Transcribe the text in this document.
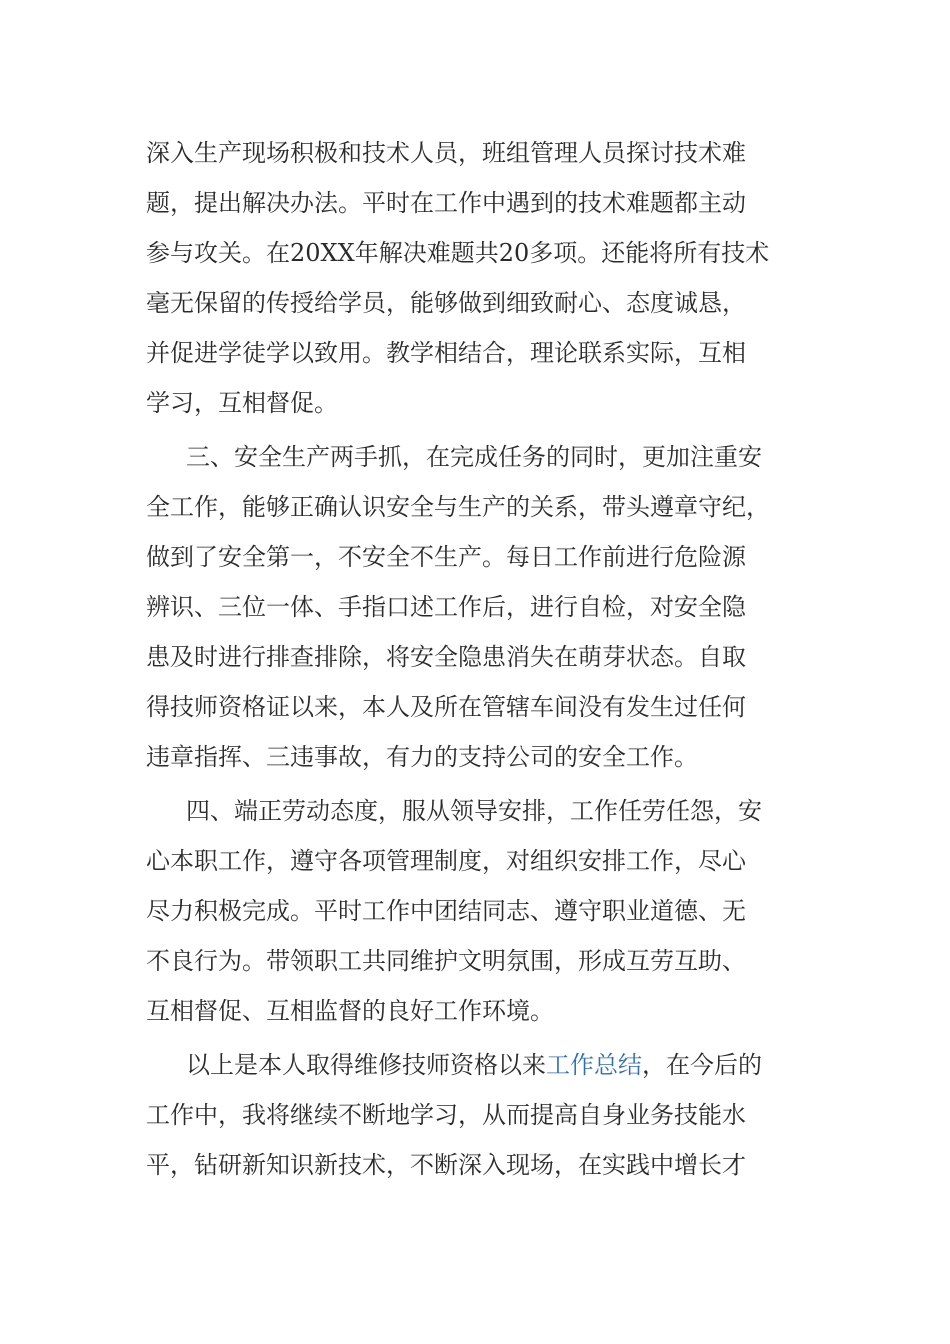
深入生产现场积极和技术人员，班组管理人员探讨技术难
题，提出解决办法。平时在工作中遇到的技术难题都主动
参与攻关。在20XX年解决难题共20多项。还能将所有技术
毫无保留的传授给学员，能够做到细致耐心、态度诚恳，
并促进学徒学以致用。教学相结合，理论联系实际，互相
学习，互相督促。
三、安全生产两手抓，在完成任务的同时，更加注重安
全工作，能够正确认识安全与生产的关系，带头遵章守纪，
做到了安全第一，不安全不生产。每日工作前进行危险源
辨识、三位一体、手指口述工作后，进行自检，对安全隐
患及时进行排查排除，将安全隐患消失在萌芽状态。自取
得技师资格证以来，本人及所在管辖车间没有发生过任何
违章指挥、三违事故，有力的支持公司的安全工作。
四、端正劳动态度，服从领导安排，工作任劳任怨，安
心本职工作，遵守各项管理制度，对组织安排工作，尽心
尽力积极完成。平时工作中团结同志、遵守职业道德、无
不良行为。带领职工共同维护文明氛围，形成互劳互助、
互相督促、互相监督的良好工作环境。
以上是本人取得维修技师资格以来工作总结，在今后的
工作中，我将继续不断地学习，从而提高自身业务技能水
平，钻研新知识新技术，不断深入现场，在实践中增长才
